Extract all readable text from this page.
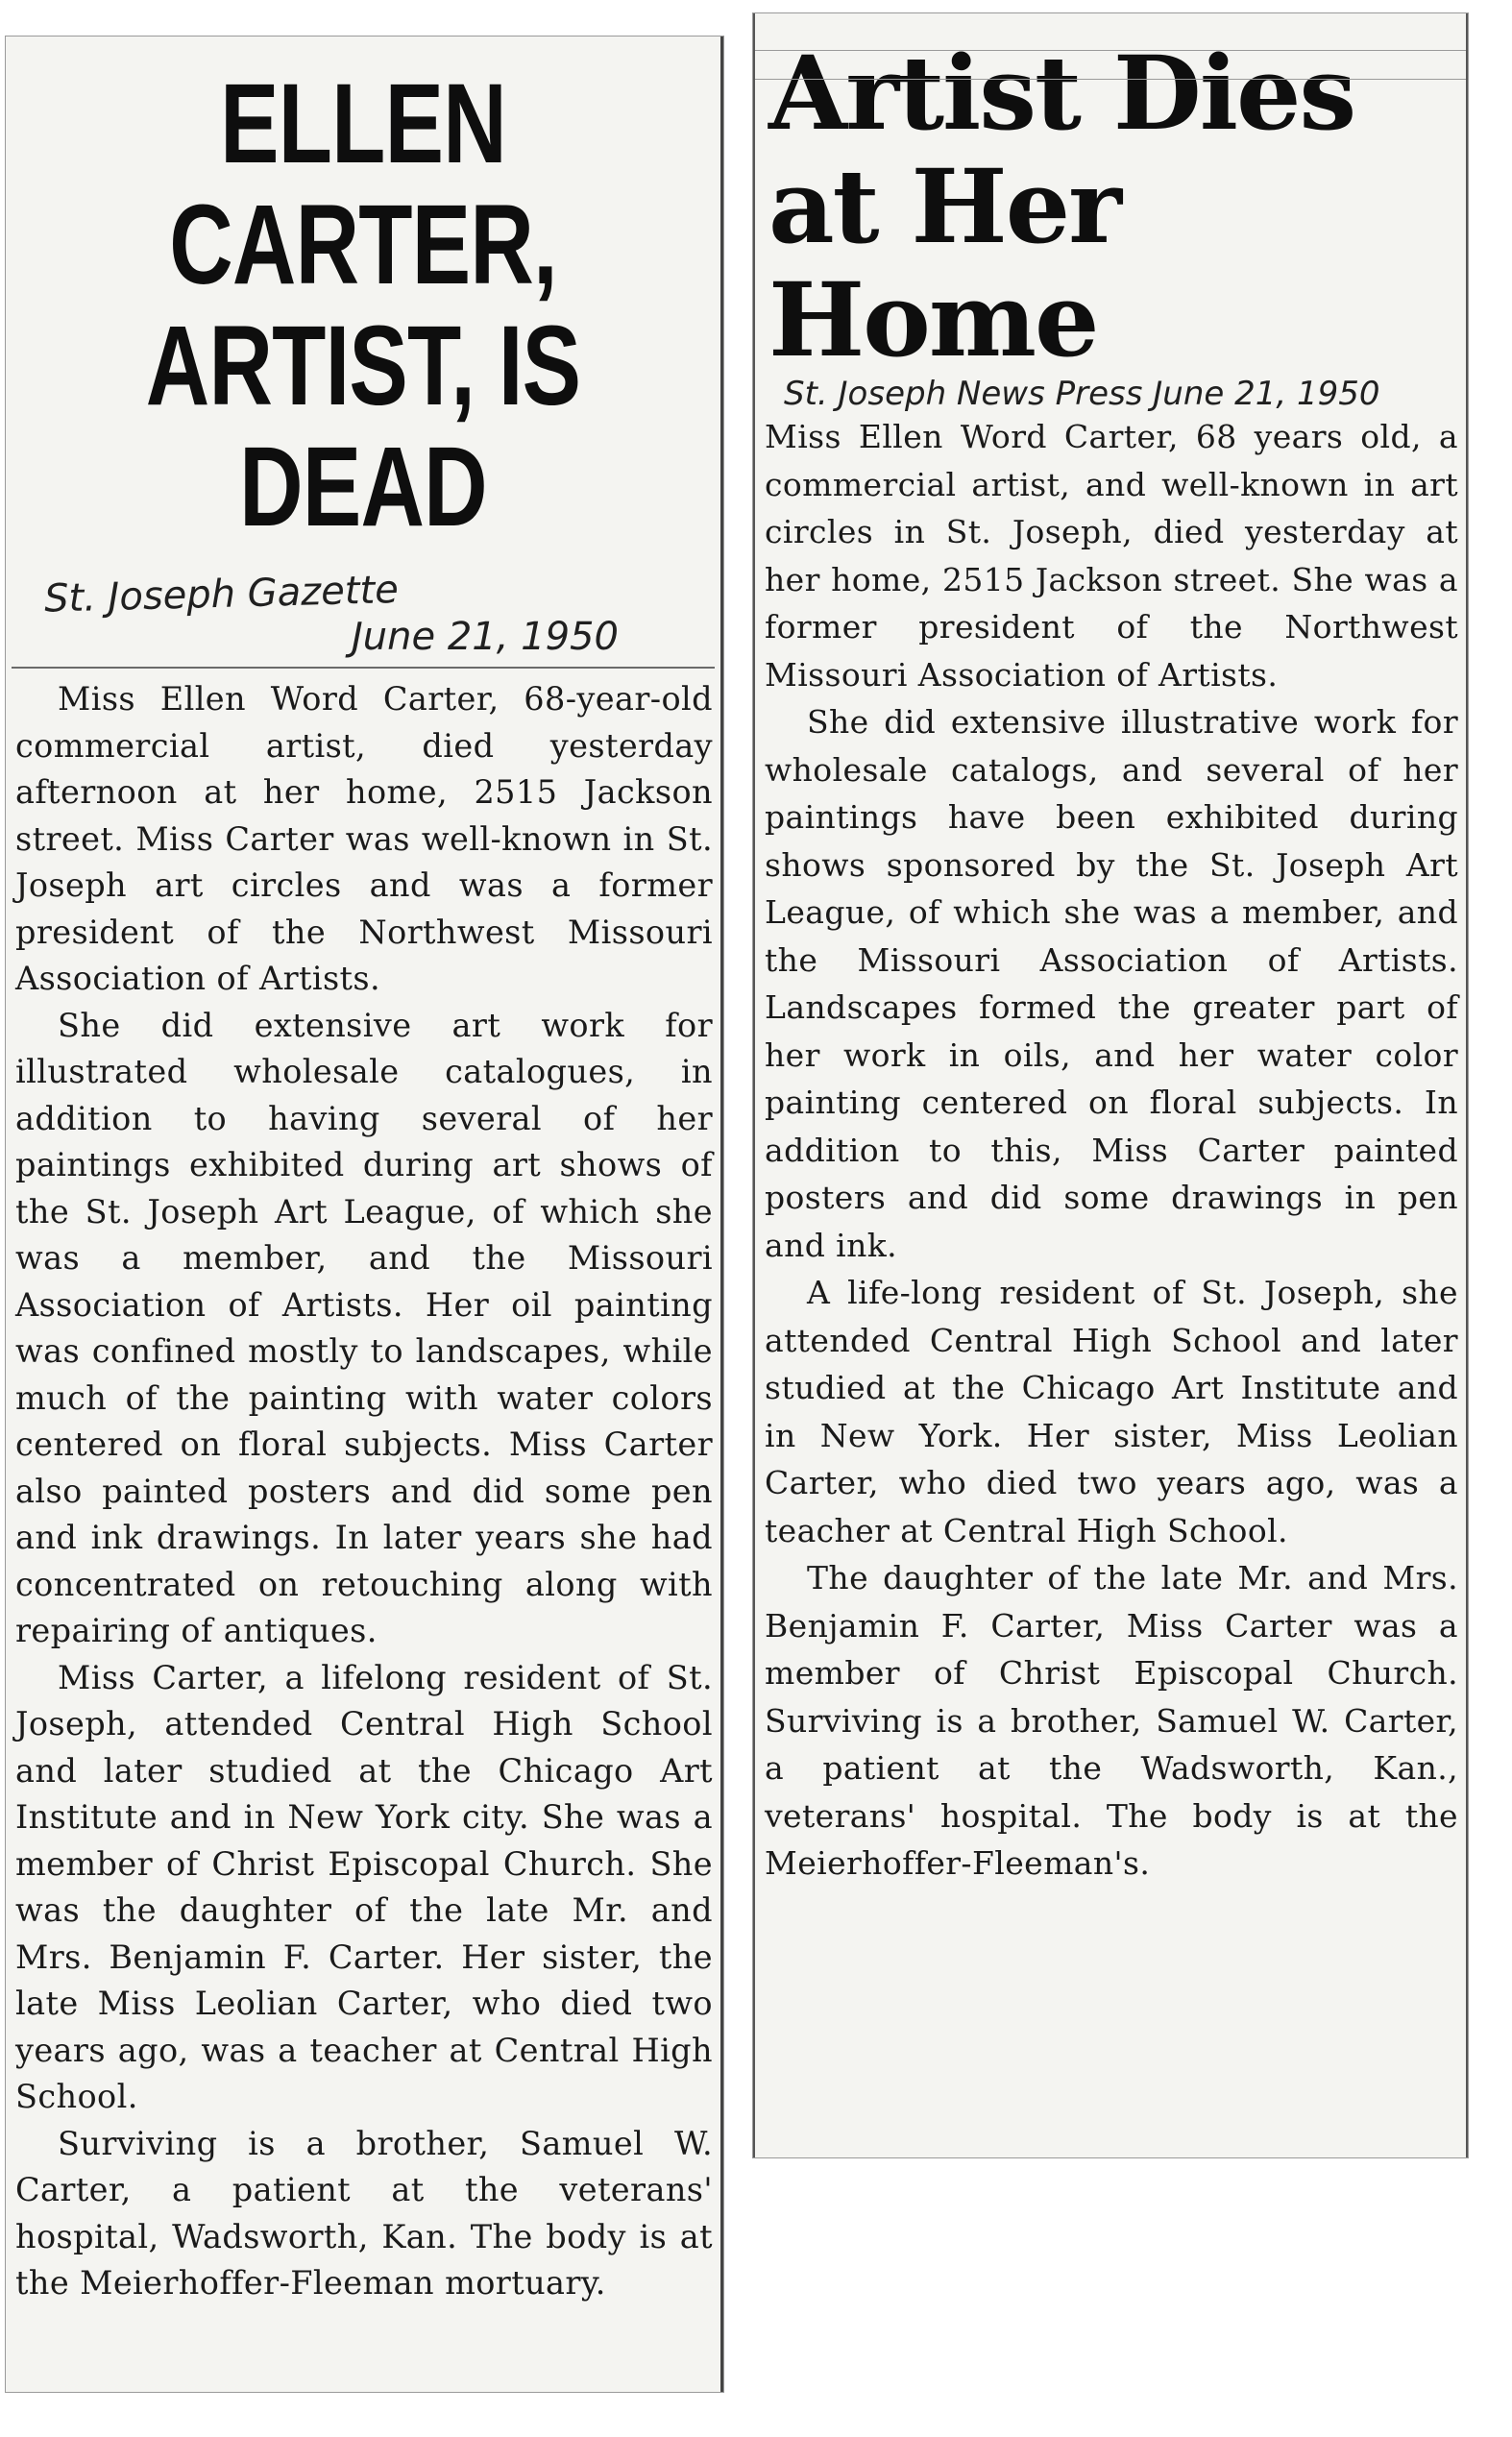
ELLEN CARTER,
ARTIST, IS DEAD

St. Joseph Gazette

June 21, 1950

Miss Ellen Word Carter, 68-year-old commercial artist, died yesterday afternoon at her home, 2515 Jackson street. Miss Carter was well-known in St. Joseph art circles and was a former president of the Northwest Missouri Association of Artists.

She did extensive art work for illustrated wholesale catalogues, in addition to having several of her paintings exhibited during art shows of the St. Joseph Art League, of which she was a member, and the Missouri Association of Artists. Her oil painting was confined mostly to landscapes, while much of the painting with water colors centered on floral subjects. Miss Carter also painted posters and did some pen and ink drawings. In later years she had concentrated on retouching along with repairing of antiques.

Miss Carter, a lifelong resident of St. Joseph, attended Central High School and later studied at the Chicago Art Institute and in New York city. She was a member of Christ Episcopal Church. She was the daughter of the late Mr. and Mrs. Benjamin F. Carter. Her sister, the late Miss Leolian Carter, who died two years ago, was a teacher at Central High School.

Surviving is a brother, Samuel W. Carter, a patient at the veterans' hospital, Wadsworth, Kan. The body is at the Meierhoffer-Fleeman mortuary.

Artist Dies
at Her Home

St. Joseph News Press June 21, 1950

Miss Ellen Word Carter, 68 years old, a commercial artist, and well-known in art circles in St. Joseph, died yesterday at her home, 2515 Jackson street. She was a former president of the Northwest Missouri Association of Artists.

She did extensive illustrative work for wholesale catalogs, and several of her paintings have been exhibited during shows sponsored by the St. Joseph Art League, of which she was a member, and the Missouri Association of Artists. Landscapes formed the greater part of her work in oils, and her water color painting centered on floral subjects. In addition to this, Miss Carter painted posters and did some drawings in pen and ink.

A life-long resident of St. Joseph, she attended Central High School and later studied at the Chicago Art Institute and in New York. Her sister, Miss Leolian Carter, who died two years ago, was a teacher at Central High School.

The daughter of the late Mr. and Mrs. Benjamin F. Carter, Miss Carter was a member of Christ Episcopal Church. Surviving is a brother, Samuel W. Carter, a patient at the Wadsworth, Kan., veterans' hospital. The body is at the Meierhoffer-Fleeman's.
